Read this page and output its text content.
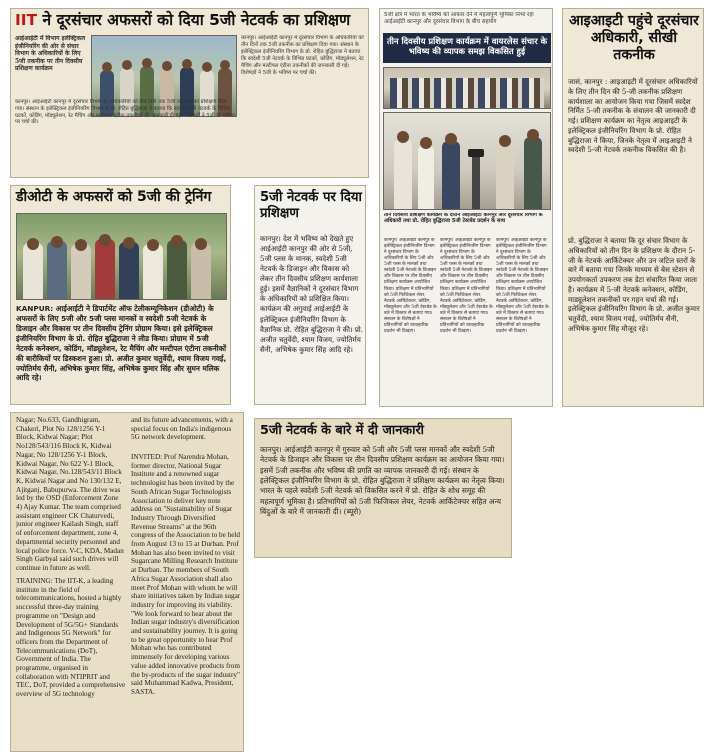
IIT ने दूरसंचार अफसरों को दिया 5जी नेटवर्क का प्रशिक्षण
आईआईटी में विभाग इलेक्ट्रिकल इंजीनियरिंग की ओर से संचार विभाग के अधिकारियों के लिए 5जी तकनीक पर तीन दिवसीय प्रशिक्षण कार्यक्रम
कानपुर। आईआईटी कानपुर में दूरसंचार विभाग के अधिकारियों को तीन दिनों तक 5जी तकनीक का प्रशिक्षण दिया गया। संस्थान के इलेक्ट्रिकल इंजीनियरिंग विभाग के प्रो. रोहित बुद्धिराजा ने बताया कि स्वदेशी 5जी नेटवर्क के विभिन्न घटकों, कोडिंग, मॉड्यूलेशन, रेट मैचिंग और मल्टीपल एंटीना तकनीकों की जानकारी दी गई। विशेषज्ञों ने 5जी के भविष्य पर चर्चा की।
कानपुर। आईआईटी कानपुर में दूरसंचार विभाग के अधिकारियों को तीन दिनों तक 5जी तकनीक का प्रशिक्षण दिया गया। संस्थान के इलेक्ट्रिकल इंजीनियरिंग विभाग के प्रो. रोहित बुद्धिराजा ने बताया कि स्वदेशी 5जी नेटवर्क के विभिन्न घटकों, कोडिंग, मॉड्यूलेशन, रेट मैचिंग और मल्टीपल एंटीना तकनीकों की जानकारी दी गई। विशेषज्ञों ने 5जी के भविष्य पर चर्चा की।
5जी क्षेत्र में भारत के भविष्य को आकार देने में महत्वपूर्ण भूमिका निभा रहा आईआईटी कानपुर और दूरसंचार विभाग के बीच सहयोग
तीन दिवसीय प्रशिक्षण कार्यक्रम में वायरलेस संचार के भविष्य की व्यापक समझ विकसित हुई
तीन दिवसीय प्रशिक्षण कार्यक्रम के दौरान आईआईटी कानपुर और दूरसंचार विभाग के अधिकारी तथा प्रो. रोहित बुद्धिराजा 5जी टेस्टबेड प्रदर्शन के साथ
कानपुर। आईआईटी कानपुर के इलेक्ट्रिकल इंजीनियरिंग विभाग ने दूरसंचार विभाग के अधिकारियों के लिए 5जी और 5जी प्लस के मानकों तथा स्वदेशी 5जी नेटवर्क के डिजाइन और विकास पर तीन दिवसीय प्रशिक्षण कार्यक्रम आयोजित किया। प्रशिक्षण में प्रतिभागियों को 5जी फिजिकल लेयर, नेटवर्क आर्किटेक्चर, कोडिंग, मॉड्यूलेशन और 5जी टेस्टबेड के बारे में विस्तार से बताया गया। संस्थान के विशेषज्ञों ने प्रतिभागियों को व्यावहारिक प्रदर्शन भी दिखाए।
कानपुर। आईआईटी कानपुर के इलेक्ट्रिकल इंजीनियरिंग विभाग ने दूरसंचार विभाग के अधिकारियों के लिए 5जी और 5जी प्लस के मानकों तथा स्वदेशी 5जी नेटवर्क के डिजाइन और विकास पर तीन दिवसीय प्रशिक्षण कार्यक्रम आयोजित किया। प्रशिक्षण में प्रतिभागियों को 5जी फिजिकल लेयर, नेटवर्क आर्किटेक्चर, कोडिंग, मॉड्यूलेशन और 5जी टेस्टबेड के बारे में विस्तार से बताया गया। संस्थान के विशेषज्ञों ने प्रतिभागियों को व्यावहारिक प्रदर्शन भी दिखाए।
कानपुर। आईआईटी कानपुर के इलेक्ट्रिकल इंजीनियरिंग विभाग ने दूरसंचार विभाग के अधिकारियों के लिए 5जी और 5जी प्लस के मानकों तथा स्वदेशी 5जी नेटवर्क के डिजाइन और विकास पर तीन दिवसीय प्रशिक्षण कार्यक्रम आयोजित किया। प्रशिक्षण में प्रतिभागियों को 5जी फिजिकल लेयर, नेटवर्क आर्किटेक्चर, कोडिंग, मॉड्यूलेशन और 5जी टेस्टबेड के बारे में विस्तार से बताया गया। संस्थान के विशेषज्ञों ने प्रतिभागियों को व्यावहारिक प्रदर्शन भी दिखाए।
आइआइटी पहुंचे दूरसंचार अधिकारी, सीखी तकनीक
जासं, कानपुर : आइआइटी में दूरसंचार अधिकारियों के लिए तीन दिन की 5-जी तकनीक प्रशिक्षण कार्यशाला का आयोजन किया गया जिसमें स्वदेश निर्मित 5-जी तकनीक के संचालन की जानकारी दी गई। प्रशिक्षण कार्यक्रम का नेतृत्व आइआइटी के इलेक्ट्रिकल इंजीनियरिंग विभाग के प्रो. रोहित बुद्धिराजा ने किया, जिनके नेतृत्व में आइआइटी ने स्वदेशी 5-जी नेटवर्क तकनीक विकसित की है।
प्रो. बुद्धिराजा ने बताया कि दूर संचार विभाग के अधिकारियों को तीन दिन के प्रशिक्षण के दौरान 5-जी के नेटवर्क आर्किटेक्चर और उन जटिल स्तरों के बारे में बताया गया जिनके माध्यम से बेस स्टेशन से उपयोगकर्ता उपकरण तक डेटा संचारित किया जाता है। कार्यक्रम में 5-जी नेटवर्क कनेक्शन, कोडिंग, माड्यूलेशन तकनीकों पर गहन चर्चा की गई। इलेक्ट्रिकल इंजीनियरिंग विभाग के प्रो. अजीत कुमार चतुर्वेदी, श्याम विजय गवई, ज्योतिर्मय सैनी, अभिषेक कुमार सिंह मौजूद रहे।
डीओटी के अफसरों को 5जी की ट्रेनिंग
KANPUR: आईआईटी ने डिपार्टमेंट ऑफ टेलीकम्यूनिकेशन (डीओटी) के अफसरों के लिए 5जी और 5जी प्लस मानकों व स्वदेशी 5जी नेटवर्क के डिजाइन और विकास पर तीन दिवसीय ट्रेनिंग प्रोग्राम किया। इसे इलेक्ट्रिकल इंजीनियरिंग विभाग के प्रो. रोहित बुद्धिराजा ने लीड किया। प्रोग्राम में 5जी नेटवर्क कनेक्शन, कोडिंग, मॉड्यूलेशन, रेट मैचिंग और मल्टीपल एंटीना तकनीकों की बारीकियों पर डिस्कशन हुआ। प्रो. अजीत कुमार चतुर्वेदी, श्याम विजय गवई, ज्योतिर्मय सैनी, अभिषेक कुमार सिंह, अभिषेक कुमार सिंह और सुमन मलिक आदि रहे।
5जी नेटवर्क पर दिया प्रशिक्षण
कानपुर। देश में भविष्य को देखते हुए आईआईटी कानपुर की ओर से 5जी, 5जी प्लस के मानक, स्वदेशी 5जी नेटवर्क के डिजाइन और विकास को लेकर तीन दिवसीय प्रशिक्षण कार्यशाला हुई। इसमें वैज्ञानिकों ने दूरसंचार विभाग के अधिकारियों को प्रशिक्षित किया। कार्यक्रम की अगुवाई आईआईटी के इलेक्ट्रिकल इंजीनियरिंग विभाग के वैज्ञानिक प्रो. रोहित बुद्धिराजा ने की। प्रो. अजीत चतुर्वेदी, श्याम विजय, ज्योतिर्मय सैनी, अभिषेक कुमार सिंह आदि रहे।
Nagar; No.633, Gandhigram, Chakeri, Plot No 128/1256 Y-1 Block, Kidwai Nagar; Plot No128/543/116 Block K, Kidwai Nagar, No 128/1256 Y-1 Block, Kidwai Nagar, No 622 Y-1 Block, Kidwai Nagar, No.128/543/11 Block K, Kidwai Nagar and No 130/132 E, Ajitganj, Babupurwa. The drive was led by the OSD (Enforcement Zone 4) Ajay Kumar. The team comprised assistant engineer CK Chaturvedi, junior engineer Kailash Singh, staff of enforcement department, zone 4, departmental security personnel and local police force. V-C, KDA, Madan Singh Garbyal said such drives will continue in future as well.
TRAINING: The IIT-K, a leading institute in the field of telecommunications, hosted a highly successful three-day training programme on "Design and Development of 5G/5G+ Standards and Indigenous 5G Network" for officers from the Department of Telecommunications (DoT), Government of India. The programme, organised in collaboration with NTIPRIT and TEC, DoT, provided a comprehensive overview of 5G technology
and its future advancements, with a special focus on India's indigenous 5G network development.
INVITED: Prof Narendra Mohan, former director, National Sugar Institute and a renowned sugar technologist has been invited by the South African Sugar Technologists Association to deliver key note address on "Sustainability of Sugar Industry Through Diversified Revenue Streams" at the 96th congress of the Association to be held from August 13 to 15 at Durban. Prof Mohan has also been invited to visit Sugarcane Milling Research Institute at Durban. The members of South Africa Sugar Association shall also meet Prof Mohan with whom he will share initiatives taken by Indian sugar industry for improving its viability. "We look forward to hear about the Indian sugar industry's diversification and sustainability journey. It is going to be great opportunity to hear Prof Mohan who has contributed immensely for developing various value added innovative products from the by-products of the sugar industry" said Muhammad Kadwa, President, SASTA.
5जी नेटवर्क के बारे में दी जानकारी
कानपुर। आईआईटी कानपुर में गुरुवार को 5जी और 5जी प्लस मानकों और स्वदेशी 5जी नेटवर्क के डिजाइन और विकास पर तीन दिवसीय प्रशिक्षण कार्यक्रम का आयोजन किया गया। इसमें 5जी तकनीक और भविष्य की प्रगति का व्यापक जानकारी दी गई। संस्थान के इलेक्ट्रिकल इंजीनियरिंग विभाग के प्रो. रोहित बुद्धिराजा ने प्रशिक्षण कार्यक्रम का नेतृत्व किया। भारत के पहले स्वदेशी 5जी नेटवर्क को विकसित करने में प्रो. रोहित के शोध समूह की महत्वपूर्ण भूमिका है। प्रतिभागियों को 5जी फिजिकल लेयर, नेटवर्क आर्किटेक्चर सहित अन्य बिंदुओं के बारे में जानकारी दी। (ब्यूरो)
